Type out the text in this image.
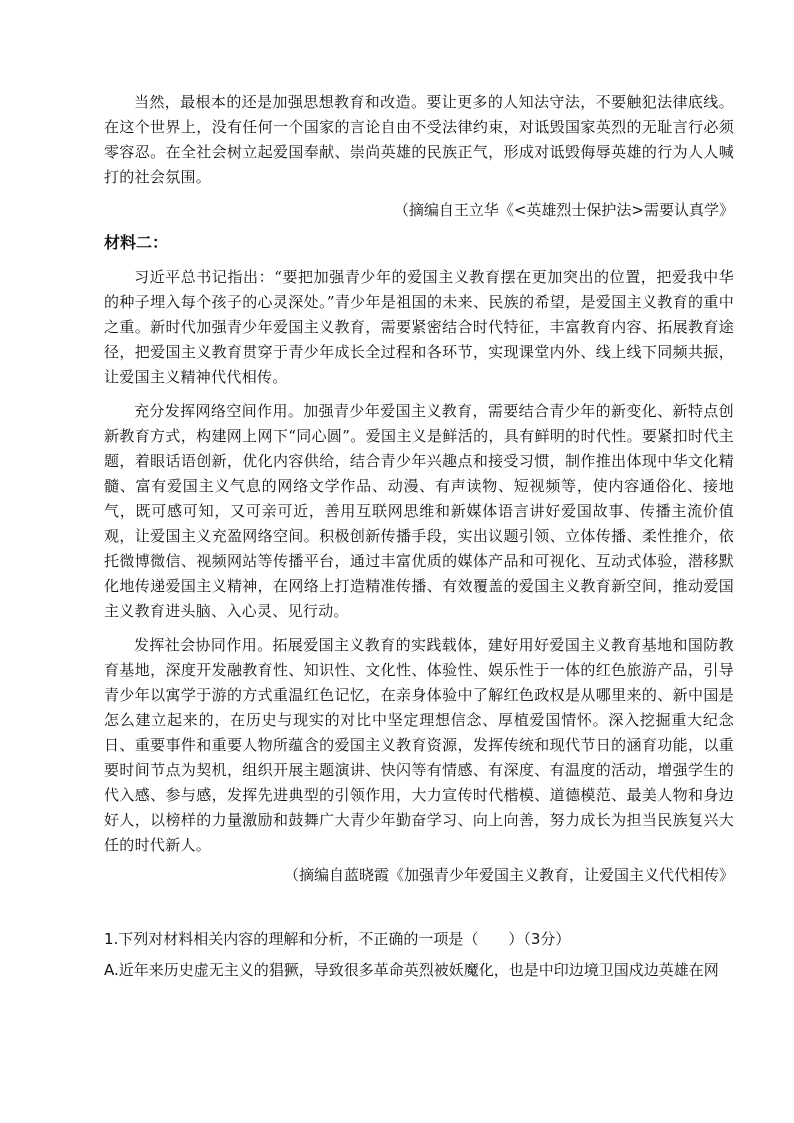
当然，最根本的还是加强思想教育和改造。要让更多的人知法守法，不要触犯法律底线。在这个世界上，没有任何一个国家的言论自由不受法律约束，对诋毁国家英烈的无耻言行必须零容忍。在全社会树立起爱国奉献、崇尚英雄的民族正气，形成对诋毁侮辱英雄的行为人人喊打的社会氛围。

（摘编自王立华《<英雄烈士保护法>需要认真学》

材料二：

习近平总书记指出：“要把加强青少年的爱国主义教育摆在更加突出的位置，把爱我中华的种子埋入每个孩子的心灵深处。”青少年是祖国的未来、民族的希望，是爱国主义教育的重中之重。新时代加强青少年爱国主义教育，需要紧密结合时代特征，丰富教育内容、拓展教育途径，把爱国主义教育贯穿于青少年成长全过程和各环节，实现课堂内外、线上线下同频共振，让爱国主义精神代代相传。

充分发挥网络空间作用。加强青少年爱国主义教育，需要结合青少年的新变化、新特点创新教育方式，构建网上网下“同心圆”。爱国主义是鲜活的，具有鲜明的时代性。要紧扣时代主题，着眼话语创新，优化内容供给，结合青少年兴趣点和接受习惯，制作推出体现中华文化精髓、富有爱国主义气息的网络文学作品、动漫、有声读物、短视频等，使内容通俗化、接地气，既可感可知，又可亲可近，善用互联网思维和新媒体语言讲好爱国故事、传播主流价值观，让爱国主义充盈网络空间。积极创新传播手段，实出议题引领、立体传播、柔性推介，依托微博微信、视频网站等传播平台，通过丰富优质的媒体产品和可视化、互动式体验，潜移默化地传递爱国主义精神，在网络上打造精准传播、有效覆盖的爱国主义教育新空间，推动爱国主义教育进头脑、入心灵、见行动。

发挥社会协同作用。拓展爱国主义教育的实践载体，建好用好爱国主义教育基地和国防教育基地，深度开发融教育性、知识性、文化性、体验性、娱乐性于一体的红色旅游产品，引导青少年以寓学于游的方式重温红色记忆，在亲身体验中了解红色政权是从哪里来的、新中国是怎么建立起来的，在历史与现实的对比中坚定理想信念、厚植爱国情怀。深入挖掘重大纪念日、重要事件和重要人物所蕴含的爱国主义教育资源，发挥传统和现代节日的涵育功能，以重要时间节点为契机，组织开展主题演讲、快闪等有情感、有深度、有温度的活动，增强学生的代入感、参与感，发挥先进典型的引领作用，大力宣传时代楷模、道德模范、最美人物和身边好人，以榜样的力量激励和鼓舞广大青少年勤奋学习、向上向善，努力成长为担当民族复兴大任的时代新人。

（摘编自蓝晓霞《加强青少年爱国主义教育，让爱国主义代代相传》

1.下列对材料相关内容的理解和分析，不正确的一项是（　　）（3分）

A.近年来历史虚无主义的猖獗，导致很多革命英烈被妖魔化，也是中印边境卫国戍边英雄在网
